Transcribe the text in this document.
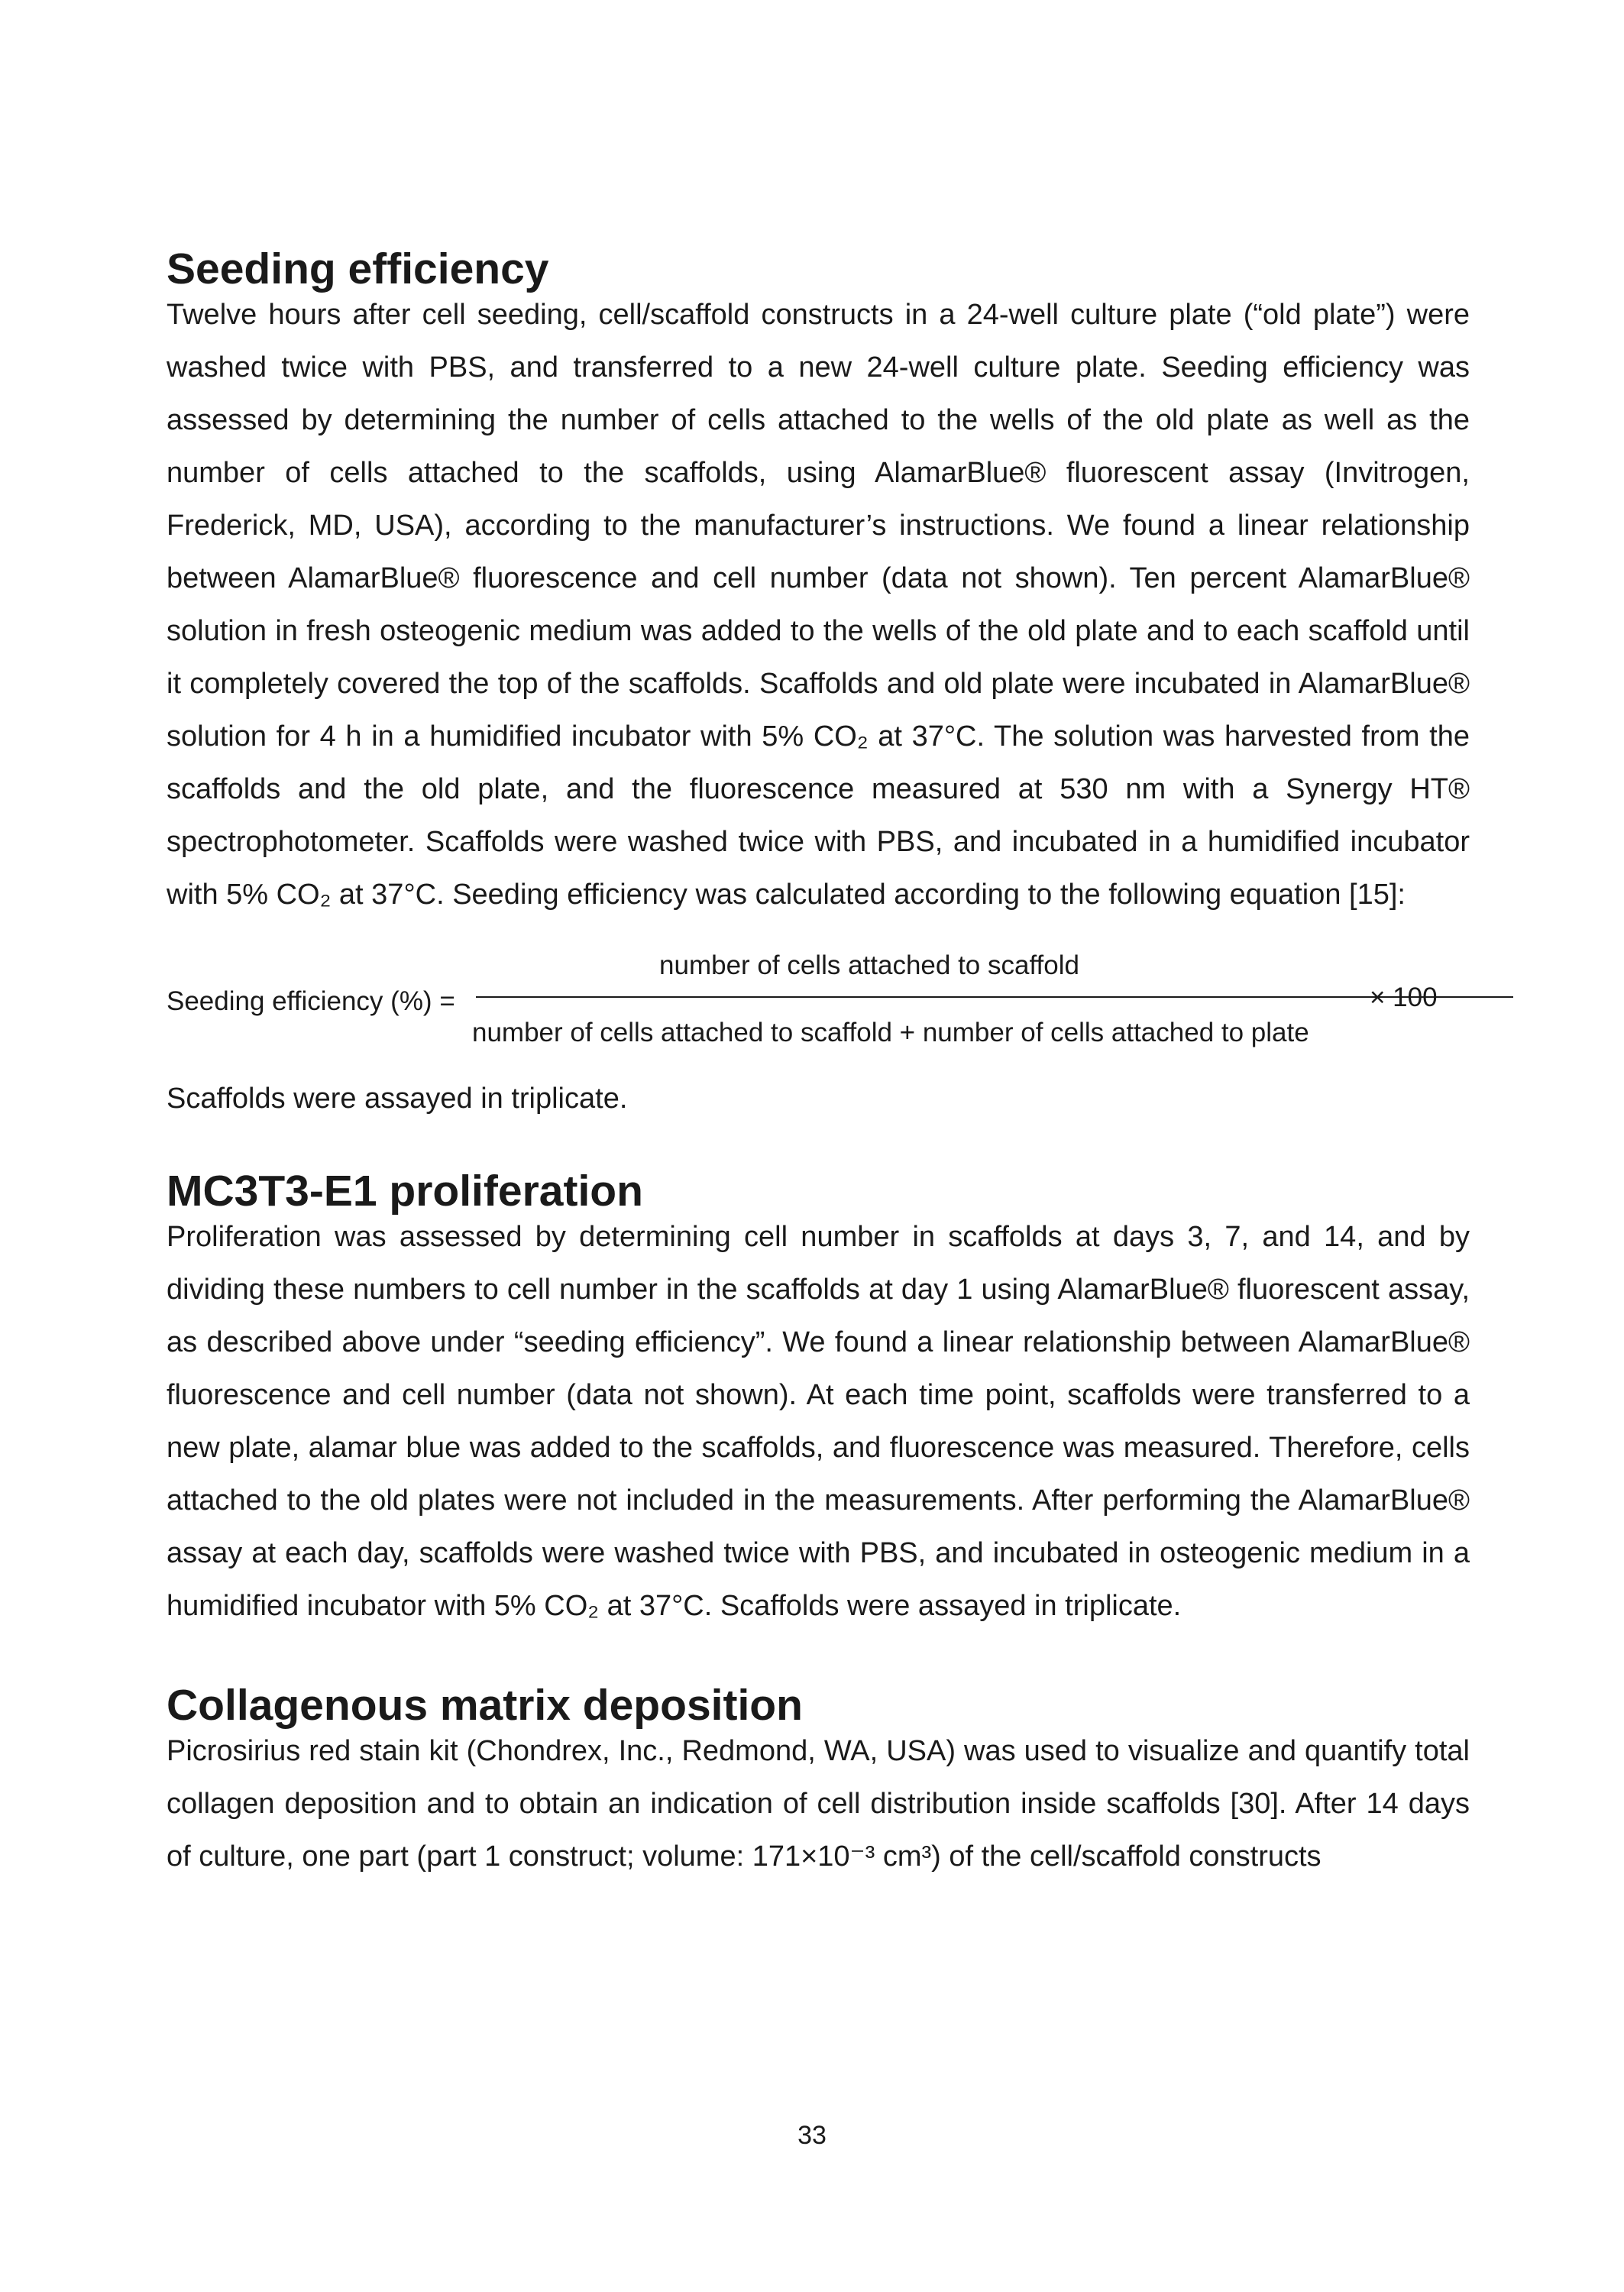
Seeding efficiency

Twelve hours after cell seeding, cell/scaffold constructs in a 24-well culture plate (“old plate”) were washed twice with PBS, and transferred to a new 24-well culture plate. Seeding efficiency was assessed by determining the number of cells attached to the wells of the old plate as well as the number of cells attached to the scaffolds, using AlamarBlue® fluorescent assay (Invitrogen, Frederick, MD, USA), according to the manufacturer’s instructions. We found a linear relationship between AlamarBlue® fluorescence and cell number (data not shown). Ten percent AlamarBlue® solution in fresh osteogenic medium was added to the wells of the old plate and to each scaffold until it completely covered the top of the scaffolds. Scaffolds and old plate were incubated in AlamarBlue® solution for 4 h in a humidified incubator with 5% CO₂ at 37°C. The solution was harvested from the scaffolds and the old plate, and the fluorescence measured at 530 nm with a Synergy HT® spectrophotometer. Scaffolds were washed twice with PBS, and incubated in a humidified incubator with 5% CO₂ at 37°C. Seeding efficiency was calculated according to the following equation [15]:

Seeding efficiency (%) =
number of cells attached to scaffold
number of cells attached to scaffold + number of cells attached to plate
× 100

Scaffolds were assayed in triplicate.

MC3T3-E1 proliferation

Proliferation was assessed by determining cell number in scaffolds at days 3, 7, and 14, and by dividing these numbers to cell number in the scaffolds at day 1 using AlamarBlue® fluorescent assay, as described above under “seeding efficiency”. We found a linear relationship between AlamarBlue® fluorescence and cell number (data not shown). At each time point, scaffolds were transferred to a new plate, alamar blue was added to the scaffolds, and fluorescence was measured. Therefore, cells attached to the old plates were not included in the measurements. After performing the AlamarBlue® assay at each day, scaffolds were washed twice with PBS, and incubated in osteogenic medium in a humidified incubator with 5% CO₂ at 37°C. Scaffolds were assayed in triplicate.

Collagenous matrix deposition

Picrosirius red stain kit (Chondrex, Inc., Redmond, WA, USA) was used to visualize and quantify total collagen deposition and to obtain an indication of cell distribution inside scaffolds [30]. After 14 days of culture, one part (part 1 construct; volume: 171×10⁻³ cm³) of the cell/scaffold constructs

33
